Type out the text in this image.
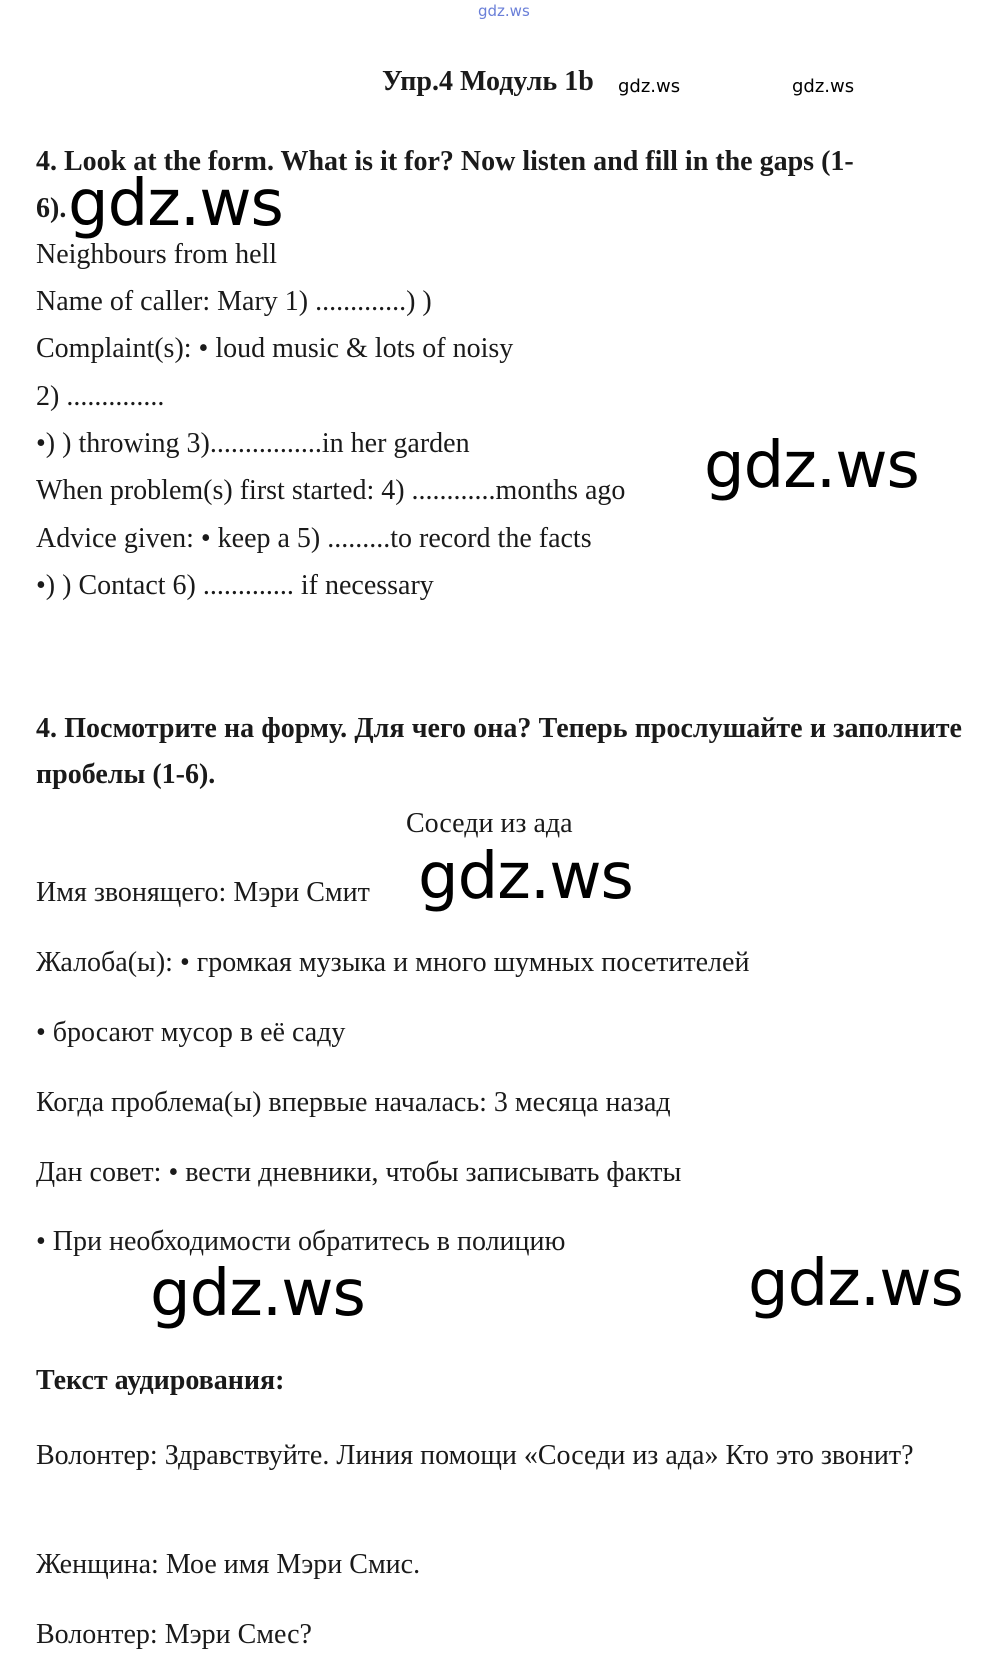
gdz.ws
Упр.4 Модуль 1b gdz.ws	gdz.ws
4. Look at the form. What is it for? Now listen and fill in the gaps (1-
6). gdz.ws
Neighbours from hell
Name of caller: Mary 1) .............) )
Complaint(s): • loud music & lots of noisy
2) ..............
•) ) throwing 3)................in her garden
When problem(s) first started: 4) ............months ago
Advice given: • keep a 5) .........to record the facts
•) ) Contact 6) ............. if necessary
gdz.ws
4. Посмотрите на форму. Для чего она? Теперь прослушайте и заполните пробелы (1-6).
Соседи из ада
Имя звонящего: Мэри Смит gdz.ws
Жалоба(ы): • громкая музыка и много шумных посетителей
• бросают мусор в её саду
Когда проблема(ы) впервые началась: 3 месяца назад
Дан совет: • вести дневники, чтобы записывать факты
• При необходимости обратитесь в полицию
gdz.ws	gdz.ws
Текст аудирования:
Волонтер: Здравствуйте. Линия помощи «Соседи из ада» Кто это звонит?
Женщина: Мое имя Мэри Смис.
Волонтер: Мэри Смес?
